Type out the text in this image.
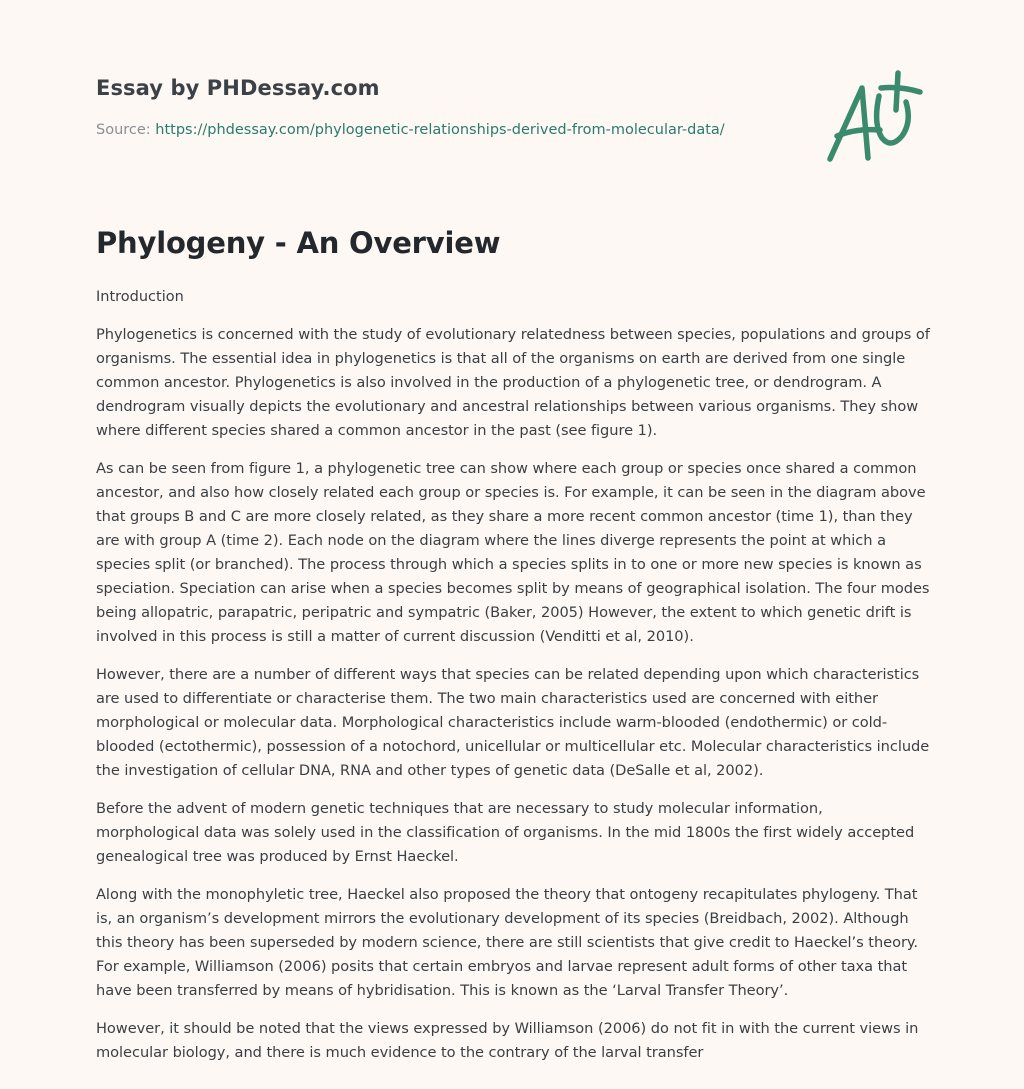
Essay by PHDessay.com
Source: https://phdessay.com/phylogenetic-relationships-derived-from-molecular-data/
Phylogeny - An Overview
Introduction

Phylogenetics is concerned with the study of evolutionary relatedness between species, populations and groups of organisms. The essential idea in phylogenetics is that all of the organisms on earth are derived from one single common ancestor. Phylogenetics is also involved in the production of a phylogenetic tree, or dendrogram. A dendrogram visually depicts the evolutionary and ancestral relationships between various organisms. They show where different species shared a common ancestor in the past (see figure 1).

As can be seen from figure 1, a phylogenetic tree can show where each group or species once shared a common ancestor, and also how closely related each group or species is. For example, it can be seen in the diagram above that groups B and C are more closely related, as they share a more recent common ancestor (time 1), than they are with group A (time 2). Each node on the diagram where the lines diverge represents the point at which a species split (or branched). The process through which a species splits in to one or more new species is known as speciation. Speciation can arise when a species becomes split by means of geographical isolation. The four modes being allopatric, parapatric, peripatric and sympatric (Baker, 2005) However, the extent to which genetic drift is involved in this process is still a matter of current discussion (Venditti et al, 2010).

However, there are a number of different ways that species can be related depending upon which characteristics are used to differentiate or characterise them. The two main characteristics used are concerned with either morphological or molecular data. Morphological characteristics include warm-blooded (endothermic) or cold-blooded (ectothermic), possession of a notochord, unicellular or multicellular etc. Molecular characteristics include the investigation of cellular DNA, RNA and other types of genetic data (DeSalle et al, 2002).

Before the advent of modern genetic techniques that are necessary to study molecular information, morphological data was solely used in the classification of organisms. In the mid 1800s the first widely accepted genealogical tree was produced by Ernst Haeckel.

Along with the monophyletic tree, Haeckel also proposed the theory that ontogeny recapitulates phylogeny. That is, an organism’s development mirrors the evolutionary development of its species (Breidbach, 2002). Although this theory has been superseded by modern science, there are still scientists that give credit to Haeckel’s theory. For example, Williamson (2006) posits that certain embryos and larvae represent adult forms of other taxa that have been transferred by means of hybridisation. This is known as the ‘Larval Transfer Theory’.

However, it should be noted that the views expressed by Williamson (2006) do not fit in with the current views in molecular biology, and there is much evidence to the contrary of the larval transfer
